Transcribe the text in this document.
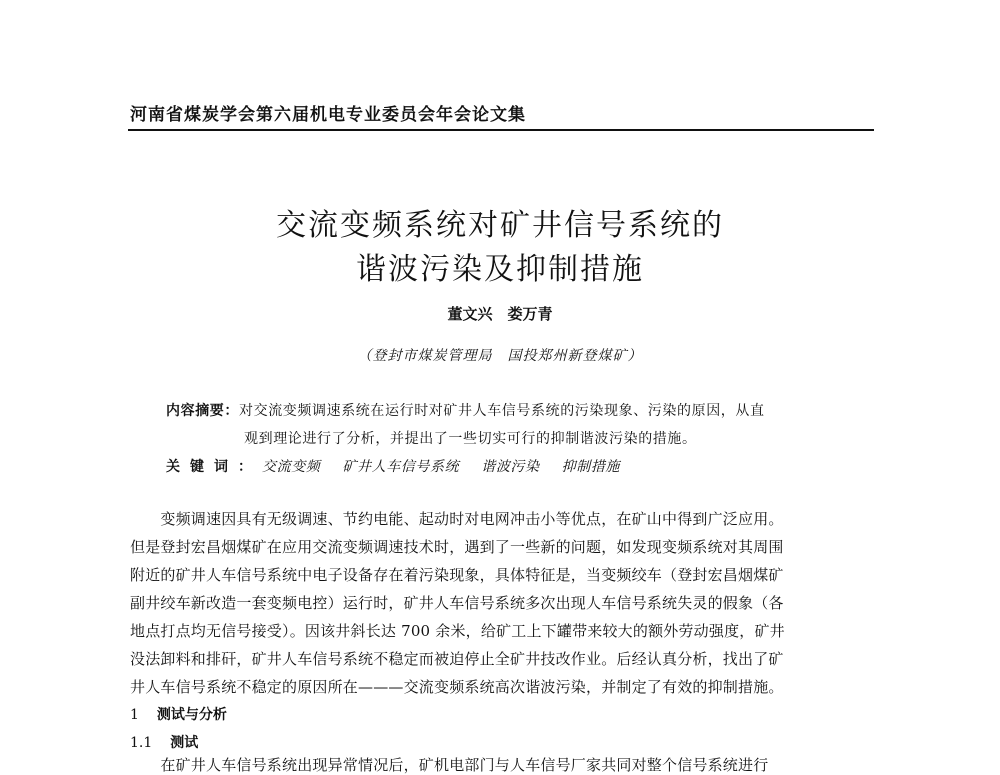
河南省煤炭学会第六届机电专业委员会年会论文集
交流变频系统对矿井信号系统的
谐波污染及抑制措施
董文兴　娄万青
（登封市煤炭管理局　国投郑州新登煤矿）
内容摘要：对交流变频调速系统在运行时对矿井人车信号系统的污染现象、污染的原因，从直
观到理论进行了分析，并提出了一些切实可行的抑制谐波污染的措施。
关键词：交流变频 矿井人车信号系统 谐波污染 抑制措施
　　变频调速因具有无级调速、节约电能、起动时对电网冲击小等优点，在矿山中得到广泛应用。
但是登封宏昌烟煤矿在应用交流变频调速技术时，遇到了一些新的问题，如发现变频系统对其周围
附近的矿井人车信号系统中电子设备存在着污染现象，具体特征是，当变频绞车（登封宏昌烟煤矿
副井绞车新改造一套变频电控）运行时，矿井人车信号系统多次出现人车信号系统失灵的假象（各
地点打点均无信号接受）。因该井斜长达 700 余米，给矿工上下罐带来较大的额外劳动强度，矿井
没法卸料和排矸，矿井人车信号系统不稳定而被迫停止全矿井技改作业。后经认真分析，找出了矿
井人车信号系统不稳定的原因所在———交流变频系统高次谐波污染，并制定了有效的抑制措施。
1 测试与分析
1.1 测试
　　在矿井人车信号系统出现异常情况后，矿机电部门与人车信号厂家共同对整个信号系统进行
